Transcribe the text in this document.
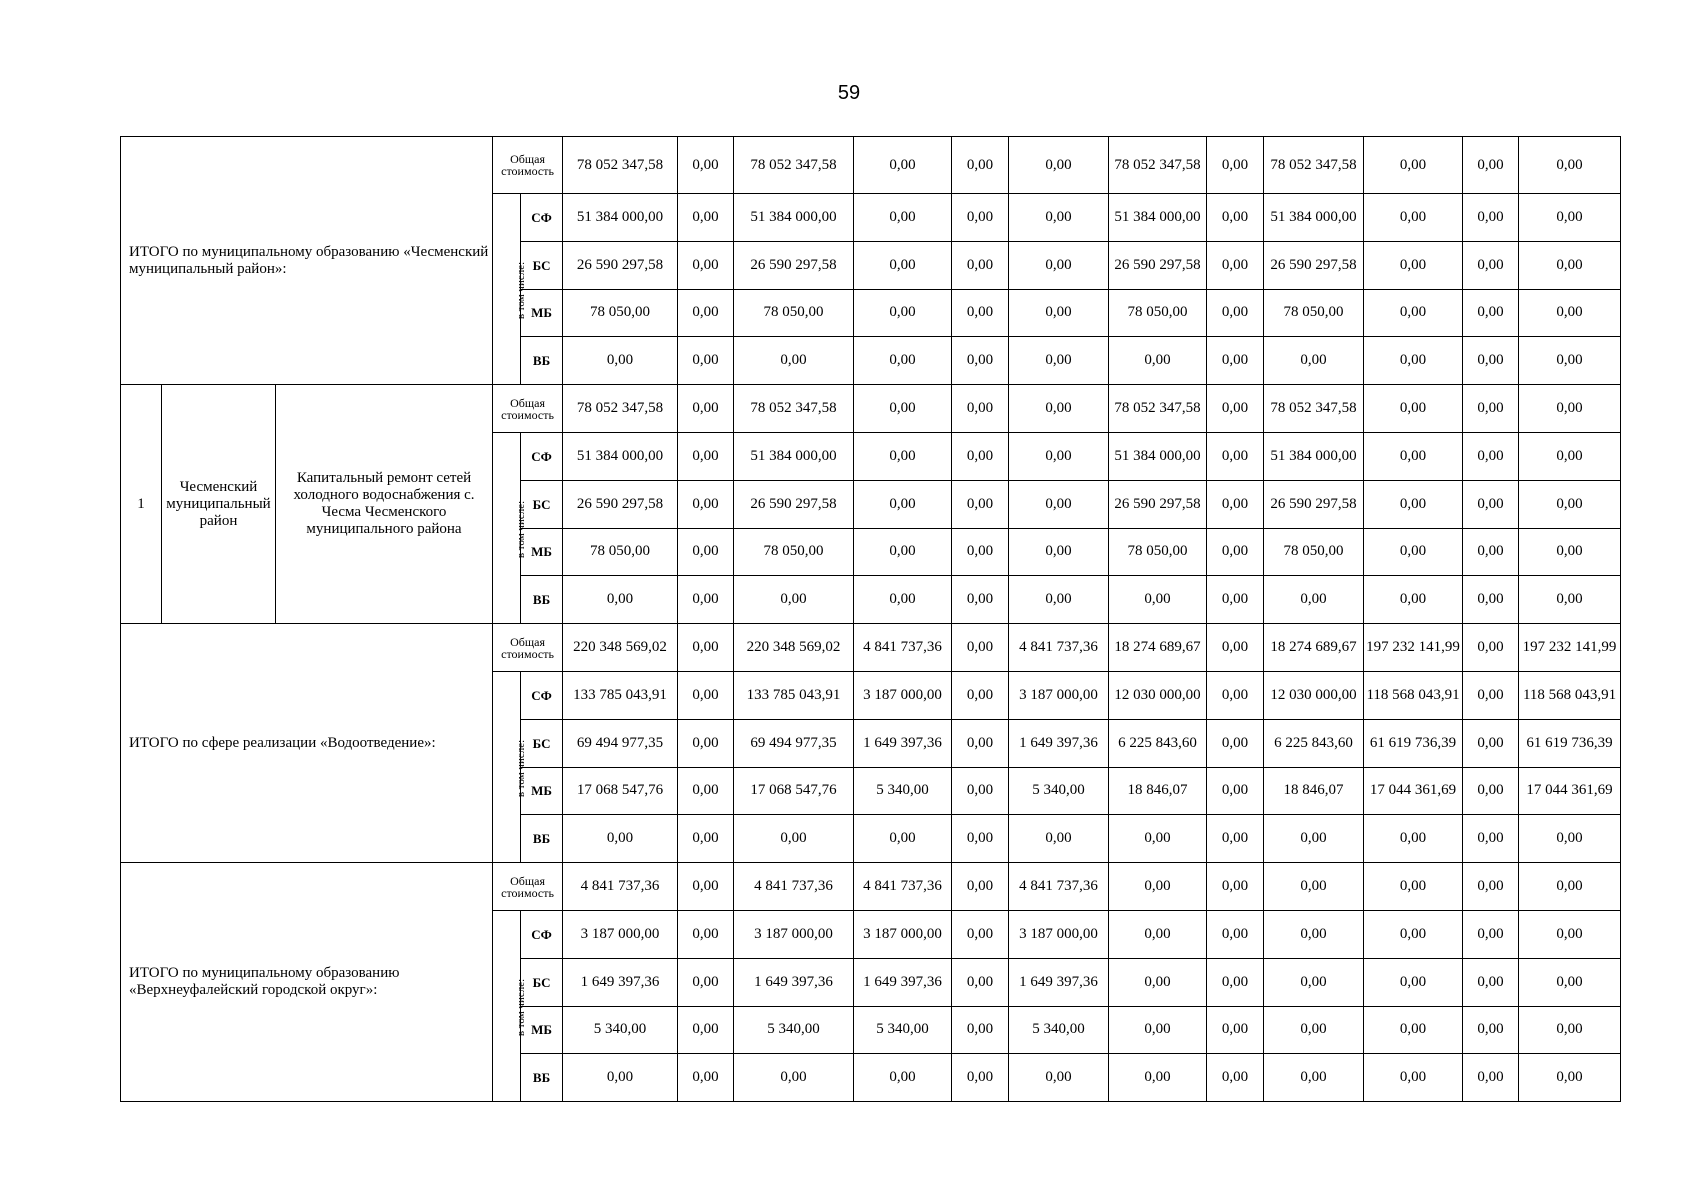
59
ИТОГО по муниципальному образованию «Чесменский муниципальный район»:			Общая стоимость		78 052 347,58	0,00	78 052 347,58	0,00	0,00	0,00	78 052 347,58	0,00	78 052 347,58	0,00	0,00	0,00
			в том числе:	СФ	51 384 000,00	0,00	51 384 000,00	0,00	0,00	0,00	51 384 000,00	0,00	51 384 000,00	0,00	0,00	0,00
				БС	26 590 297,58	0,00	26 590 297,58	0,00	0,00	0,00	26 590 297,58	0,00	26 590 297,58	0,00	0,00	0,00
				МБ	78 050,00	0,00	78 050,00	0,00	0,00	0,00	78 050,00	0,00	78 050,00	0,00	0,00	0,00
				ВБ	0,00	0,00	0,00	0,00	0,00	0,00	0,00	0,00	0,00	0,00	0,00	0,00
1	Чесменский муниципальный район	Капитальный ремонт сетей холодного водоснабжения с. Чесма Чесменского муниципального района	Общая стоимость		78 052 347,58	0,00	78 052 347,58	0,00	0,00	0,00	78 052 347,58	0,00	78 052 347,58	0,00	0,00	0,00
			в том числе:	СФ	51 384 000,00	0,00	51 384 000,00	0,00	0,00	0,00	51 384 000,00	0,00	51 384 000,00	0,00	0,00	0,00
				БС	26 590 297,58	0,00	26 590 297,58	0,00	0,00	0,00	26 590 297,58	0,00	26 590 297,58	0,00	0,00	0,00
				МБ	78 050,00	0,00	78 050,00	0,00	0,00	0,00	78 050,00	0,00	78 050,00	0,00	0,00	0,00
				ВБ	0,00	0,00	0,00	0,00	0,00	0,00	0,00	0,00	0,00	0,00	0,00	0,00
ИТОГО по сфере реализации «Водоотведение»:			Общая стоимость		220 348 569,02	0,00	220 348 569,02	4 841 737,36	0,00	4 841 737,36	18 274 689,67	0,00	18 274 689,67	197 232 141,99	0,00	197 232 141,99
			в том числе:	СФ	133 785 043,91	0,00	133 785 043,91	3 187 000,00	0,00	3 187 000,00	12 030 000,00	0,00	12 030 000,00	118 568 043,91	0,00	118 568 043,91
				БС	69 494 977,35	0,00	69 494 977,35	1 649 397,36	0,00	1 649 397,36	6 225 843,60	0,00	6 225 843,60	61 619 736,39	0,00	61 619 736,39
				МБ	17 068 547,76	0,00	17 068 547,76	5 340,00	0,00	5 340,00	18 846,07	0,00	18 846,07	17 044 361,69	0,00	17 044 361,69
				ВБ	0,00	0,00	0,00	0,00	0,00	0,00	0,00	0,00	0,00	0,00	0,00	0,00
ИТОГО по муниципальному образованию «Верхнеуфалейский городской округ»:			Общая стоимость		4 841 737,36	0,00	4 841 737,36	4 841 737,36	0,00	4 841 737,36	0,00	0,00	0,00	0,00	0,00	0,00
			в том числе:	СФ	3 187 000,00	0,00	3 187 000,00	3 187 000,00	0,00	3 187 000,00	0,00	0,00	0,00	0,00	0,00	0,00
				БС	1 649 397,36	0,00	1 649 397,36	1 649 397,36	0,00	1 649 397,36	0,00	0,00	0,00	0,00	0,00	0,00
				МБ	5 340,00	0,00	5 340,00	5 340,00	0,00	5 340,00	0,00	0,00	0,00	0,00	0,00	0,00
				ВБ	0,00	0,00	0,00	0,00	0,00	0,00	0,00	0,00	0,00	0,00	0,00	0,00
